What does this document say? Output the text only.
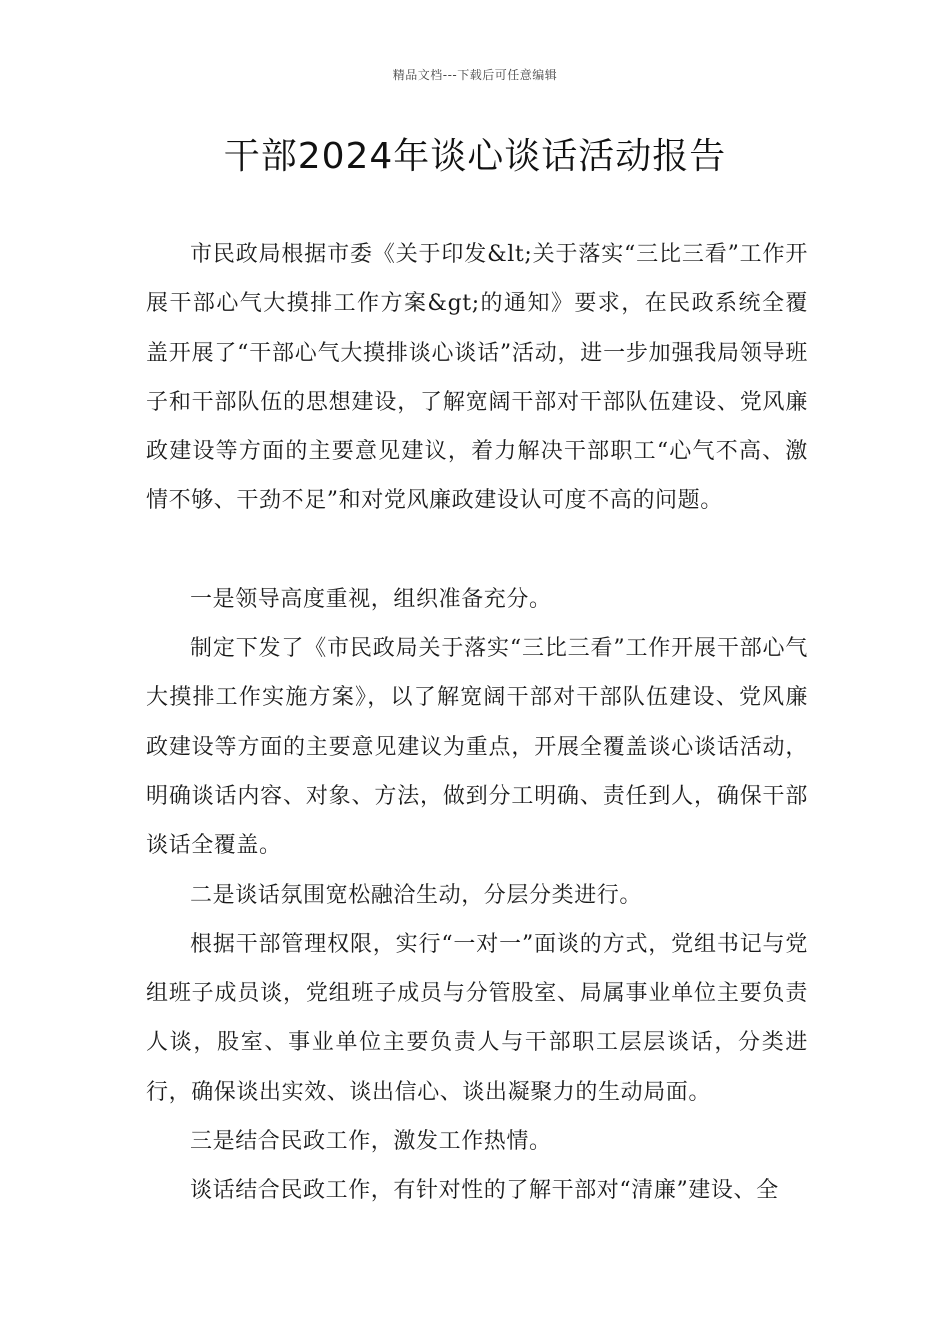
精品文档---下载后可任意编辑
干部2024年谈心谈话活动报告

市民政局根据市委《关于印发&lt;关于落实“三比三看”工作开展干部心气大摸排工作方案&gt;的通知》要求，在民政系统全覆盖开展了“干部心气大摸排谈心谈话”活动，进一步加强我局领导班子和干部队伍的思想建设，了解宽阔干部对干部队伍建设、党风廉政建设等方面的主要意见建议，着力解决干部职工“心气不高、激情不够、干劲不足”和对党风廉政建设认可度不高的问题。

一是领导高度重视，组织准备充分。

制定下发了《市民政局关于落实“三比三看”工作开展干部心气大摸排工作实施方案》，以了解宽阔干部对干部队伍建设、党风廉政建设等方面的主要意见建议为重点，开展全覆盖谈心谈话活动，明确谈话内容、对象、方法，做到分工明确、责任到人，确保干部谈话全覆盖。

二是谈话氛围宽松融洽生动，分层分类进行。

根据干部管理权限，实行“一对一”面谈的方式，党组书记与党组班子成员谈，党组班子成员与分管股室、局属事业单位主要负责人谈，股室、事业单位主要负责人与干部职工层层谈话，分类进行，确保谈出实效、谈出信心、谈出凝聚力的生动局面。

三是结合民政工作，激发工作热情。

谈话结合民政工作，有针对性的了解干部对“清廉”建设、全
